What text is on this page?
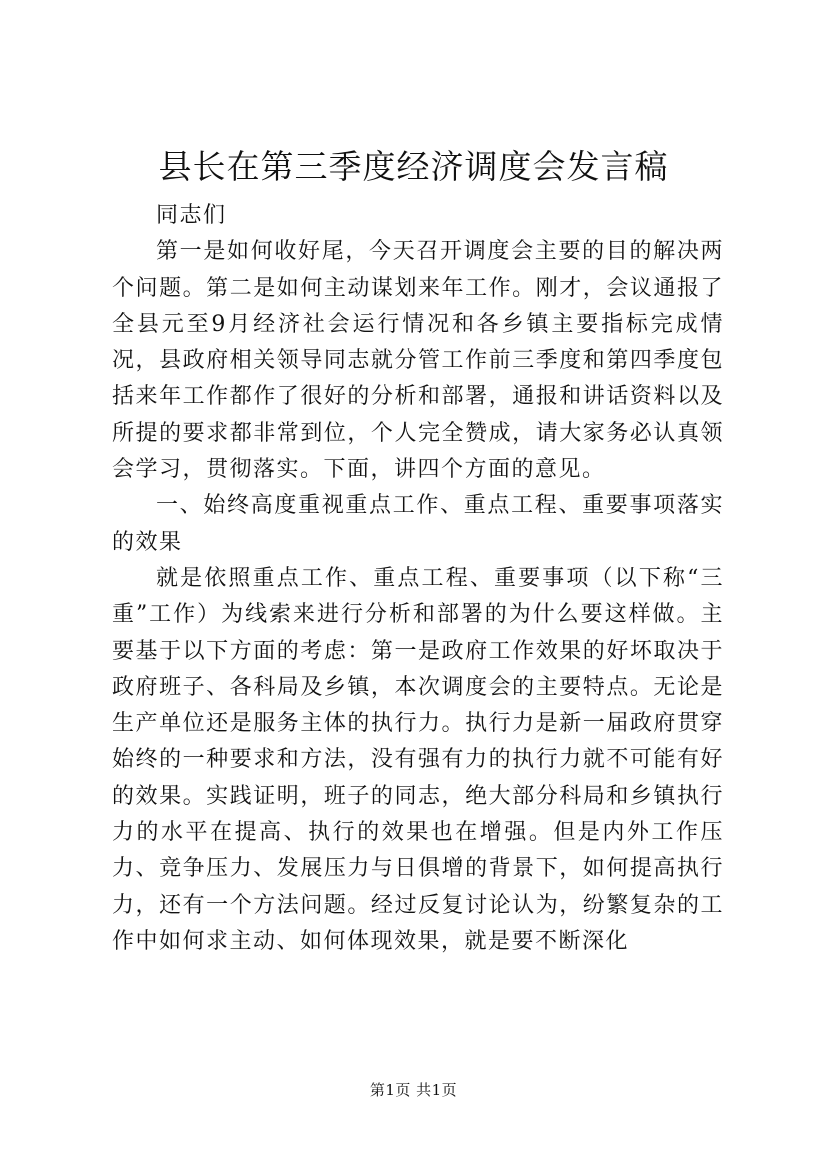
县长在第三季度经济调度会发言稿

同志们

第一是如何收好尾，今天召开调度会主要的目的解决两个问题。第二是如何主动谋划来年工作。刚才，会议通报了全县元至9月经济社会运行情况和各乡镇主要指标完成情况，县政府相关领导同志就分管工作前三季度和第四季度包括来年工作都作了很好的分析和部署，通报和讲话资料以及所提的要求都非常到位，个人完全赞成，请大家务必认真领会学习，贯彻落实。下面，讲四个方面的意见。

一、始终高度重视重点工作、重点工程、重要事项落实的效果

就是依照重点工作、重点工程、重要事项（以下称“三重”工作）为线索来进行分析和部署的为什么要这样做。主要基于以下方面的考虑：第一是政府工作效果的好坏取决于政府班子、各科局及乡镇，本次调度会的主要特点。无论是生产单位还是服务主体的执行力。执行力是新一届政府贯穿始终的一种要求和方法，没有强有力的执行力就不可能有好的效果。实践证明，班子的同志，绝大部分科局和乡镇执行力的水平在提高、执行的效果也在增强。但是内外工作压力、竞争压力、发展压力与日俱增的背景下，如何提高执行力，还有一个方法问题。经过反复讨论认为，纷繁复杂的工作中如何求主动、如何体现效果，就是要不断深化

第1页 共1页
